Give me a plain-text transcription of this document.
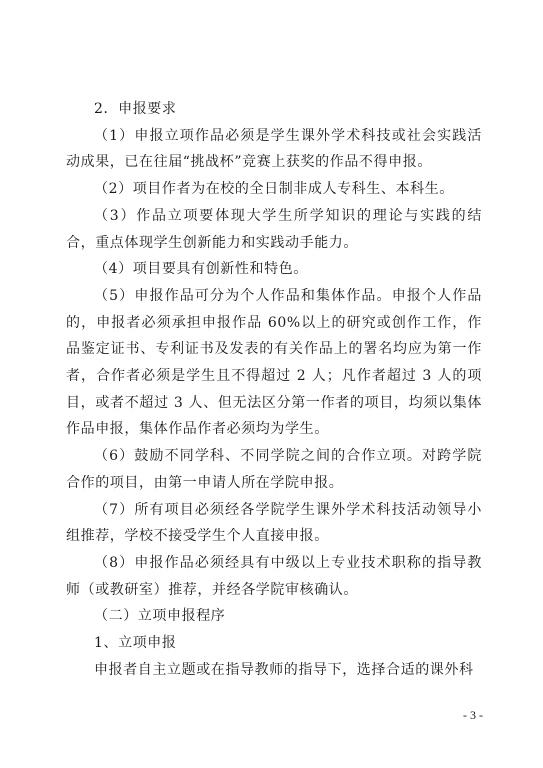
2．申报要求

（1）申报立项作品必须是学生课外学术科技或社会实践活动成果，已在往届“挑战杯”竞赛上获奖的作品不得申报。

（2）项目作者为在校的全日制非成人专科生、本科生。

（3）作品立项要体现大学生所学知识的理论与实践的结合，重点体现学生创新能力和实践动手能力。

（4）项目要具有创新性和特色。

（5）申报作品可分为个人作品和集体作品。申报个人作品的，申报者必须承担申报作品 60%以上的研究或创作工作，作品鉴定证书、专利证书及发表的有关作品上的署名均应为第一作者，合作者必须是学生且不得超过 2 人；凡作者超过 3 人的项目，或者不超过 3 人、但无法区分第一作者的项目，均须以集体作品申报，集体作品作者必须均为学生。

（6）鼓励不同学科、不同学院之间的合作立项。对跨学院合作的项目，由第一申请人所在学院申报。

（7）所有项目必须经各学院学生课外学术科技活动领导小组推荐，学校不接受学生个人直接申报。

（8）申报作品必须经具有中级以上专业技术职称的指导教师（或教研室）推荐，并经各学院审核确认。

（二）立项申报程序

1、立项申报

申报者自主立题或在指导教师的指导下，选择合适的课外科

- 3 -
